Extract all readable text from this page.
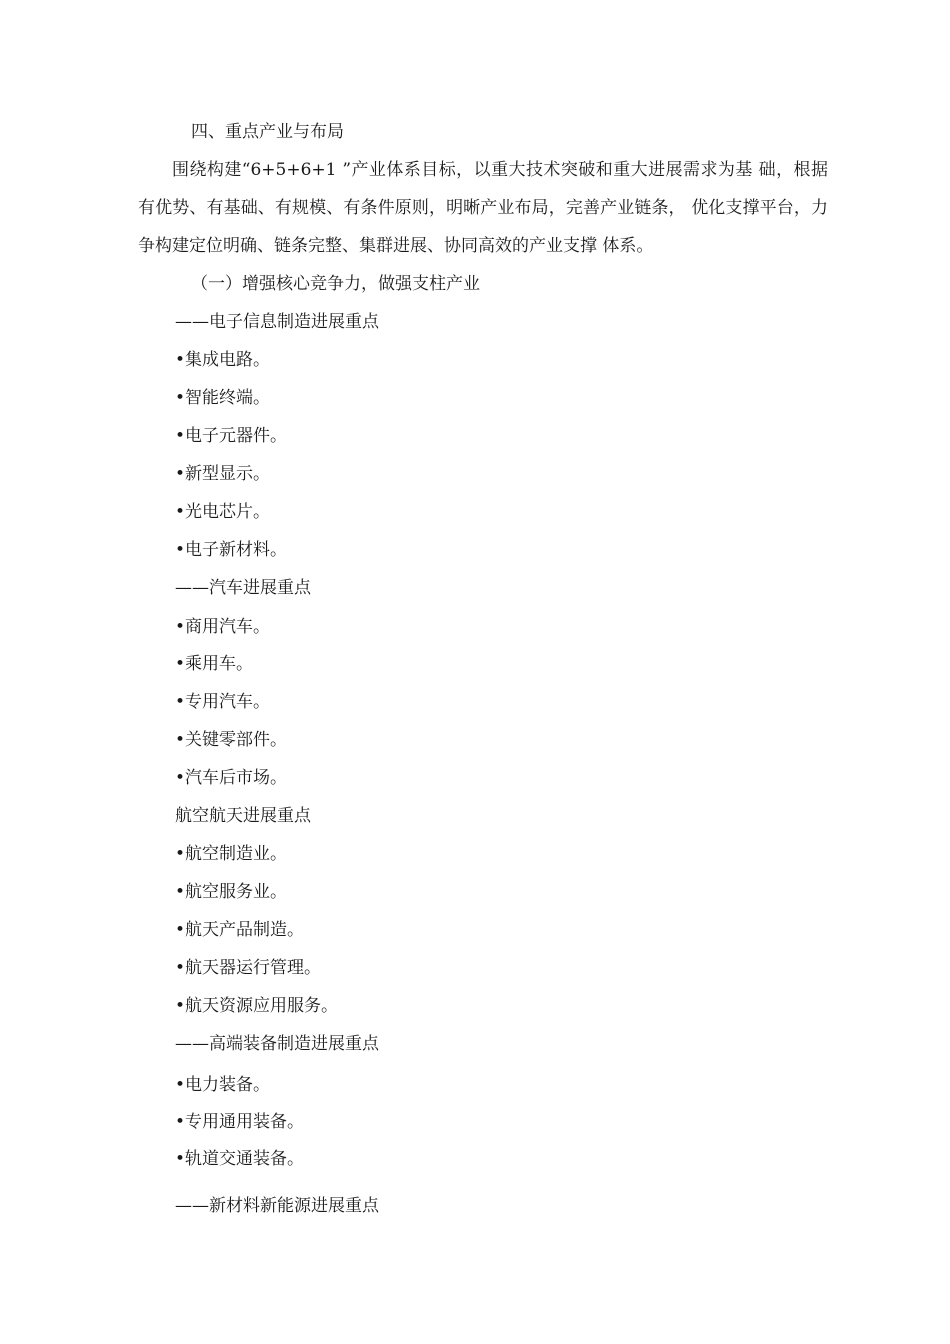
四、重点产业与布局
围绕构建“6+5+6+1 ”产业体系目标，以重大技术突破和重大进展需求为基 础，根据有优势、有基础、有规模、有条件原则，明晰产业布局，完善产业链条， 优化支撑平台，力争构建定位明确、链条完整、集群进展、协同高效的产业支撑 体系。
（一）增强核心竞争力，做强支柱产业
——电子信息制造进展重点
•集成电路。
•智能终端。
•电子元器件。
•新型显示。
•光电芯片。
•电子新材料。
——汽车进展重点
•商用汽车。
•乘用车。
•专用汽车。
•关键零部件。
•汽车后市场。
航空航天进展重点
•航空制造业。
•航空服务业。
•航天产品制造。
•航天器运行管理。
•航天资源应用服务。
——高端装备制造进展重点
•电力装备。
•专用通用装备。
•轨道交通装备。
——新材料新能源进展重点
